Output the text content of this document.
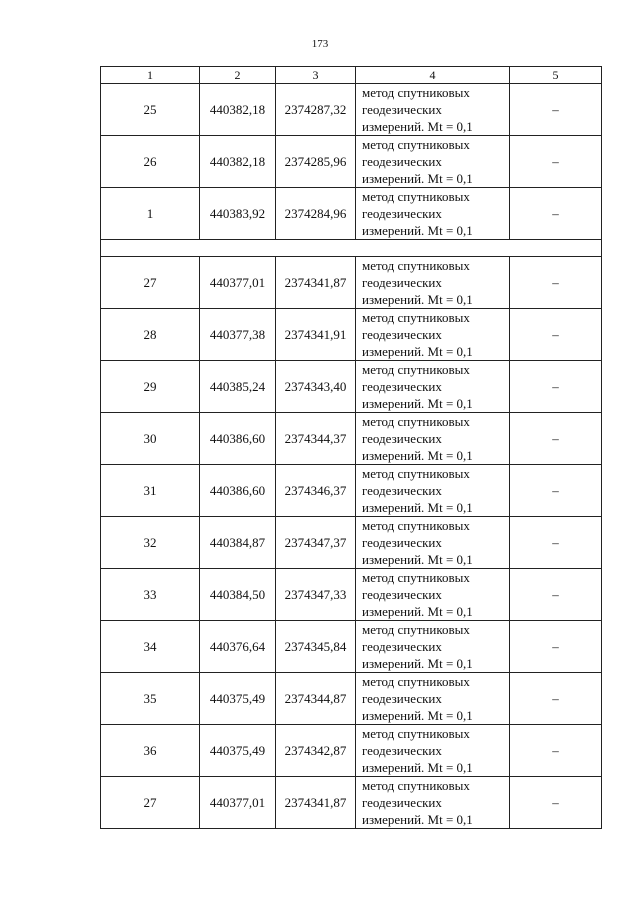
173
1	2	3	4	5
25	440382,18	2374287,32	метод спутниковых
геодезических
измерений. Mt = 0,1	–
26	440382,18	2374285,96	метод спутниковых
геодезических
измерений. Mt = 0,1	–
1	440383,92	2374284,96	метод спутниковых
геодезических
измерений. Mt = 0,1	–

27	440377,01	2374341,87	метод спутниковых
геодезических
измерений. Mt = 0,1	–
28	440377,38	2374341,91	метод спутниковых
геодезических
измерений. Mt = 0,1	–
29	440385,24	2374343,40	метод спутниковых
геодезических
измерений. Mt = 0,1	–
30	440386,60	2374344,37	метод спутниковых
геодезических
измерений. Mt = 0,1	–
31	440386,60	2374346,37	метод спутниковых
геодезических
измерений. Mt = 0,1	–
32	440384,87	2374347,37	метод спутниковых
геодезических
измерений. Mt = 0,1	–
33	440384,50	2374347,33	метод спутниковых
геодезических
измерений. Mt = 0,1	–
34	440376,64	2374345,84	метод спутниковых
геодезических
измерений. Mt = 0,1	–
35	440375,49	2374344,87	метод спутниковых
геодезических
измерений. Mt = 0,1	–
36	440375,49	2374342,87	метод спутниковых
геодезических
измерений. Mt = 0,1	–
27	440377,01	2374341,87	метод спутниковых
геодезических
измерений. Mt = 0,1	–
